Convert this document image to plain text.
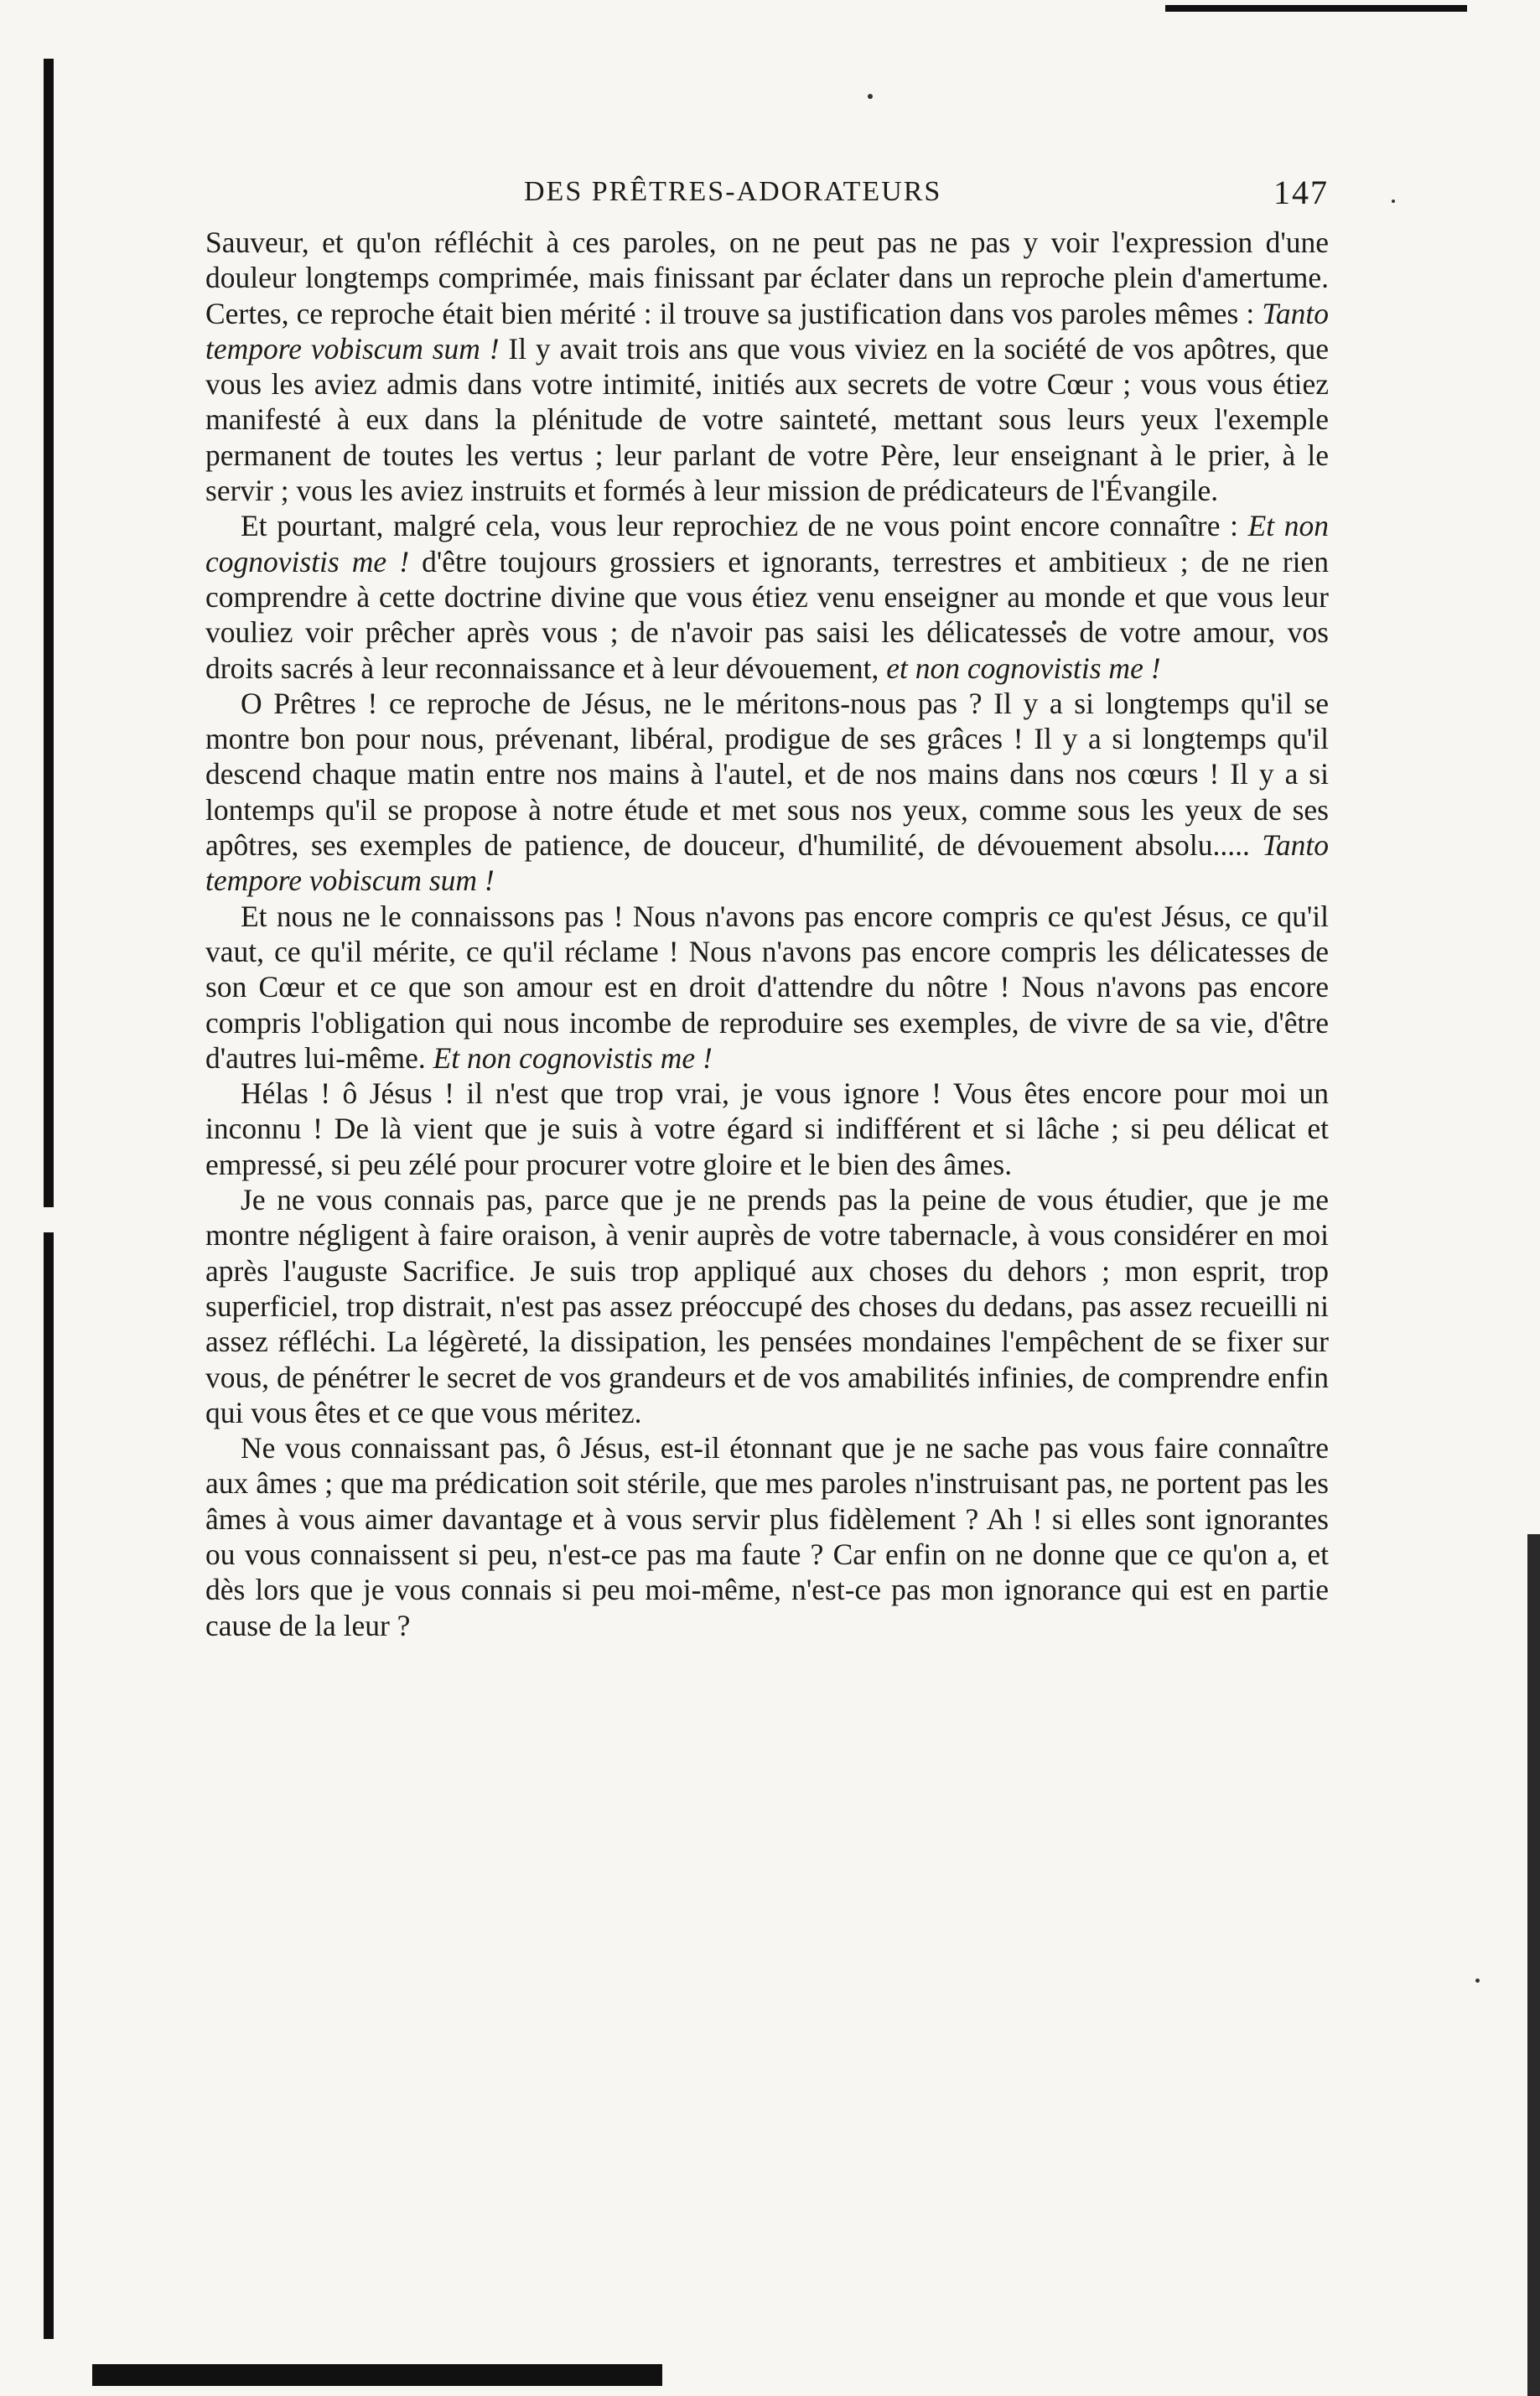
DES PRÊTRES-ADORATEURS	147

Sauveur, et qu'on réfléchit à ces paroles, on ne peut pas ne pas y voir l'expression d'une douleur longtemps comprimée, mais finissant par éclater dans un reproche plein d'amertume. Certes, ce reproche était bien mérité : il trouve sa justification dans vos paroles mêmes : Tanto tempore vobiscum sum ! Il y avait trois ans que vous viviez en la société de vos apôtres, que vous les aviez admis dans votre intimité, initiés aux secrets de votre Cœur ; vous vous étiez manifesté à eux dans la plénitude de votre sainteté, mettant sous leurs yeux l'exemple permanent de toutes les vertus ; leur parlant de votre Père, leur enseignant à le prier, à le servir ; vous les aviez instruits et formés à leur mission de prédicateurs de l'Évangile.

Et pourtant, malgré cela, vous leur reprochiez de ne vous point encore connaître : Et non cognovistis me ! d'être toujours grossiers et ignorants, terrestres et ambitieux ; de ne rien comprendre à cette doctrine divine que vous étiez venu enseigner au monde et que vous leur vouliez voir prêcher après vous ; de n'avoir pas saisi les délicatesses de votre amour, vos droits sacrés à leur reconnaissance et à leur dévouement, et non cognovistis me !

O Prêtres ! ce reproche de Jésus, ne le méritons-nous pas ? Il y a si longtemps qu'il se montre bon pour nous, prévenant, libéral, prodigue de ses grâces ! Il y a si longtemps qu'il descend chaque matin entre nos mains à l'autel, et de nos mains dans nos cœurs ! Il y a si lontemps qu'il se propose à notre étude et met sous nos yeux, comme sous les yeux de ses apôtres, ses exemples de patience, de douceur, d'humilité, de dévouement absolu..... Tanto tempore vobiscum sum !

Et nous ne le connaissons pas ! Nous n'avons pas encore compris ce qu'est Jésus, ce qu'il vaut, ce qu'il mérite, ce qu'il réclame ! Nous n'avons pas encore compris les délicatesses de son Cœur et ce que son amour est en droit d'attendre du nôtre ! Nous n'avons pas encore compris l'obligation qui nous incombe de reproduire ses exemples, de vivre de sa vie, d'être d'autres lui-même. Et non cognovistis me !

Hélas ! ô Jésus ! il n'est que trop vrai, je vous ignore ! Vous êtes encore pour moi un inconnu ! De là vient que je suis à votre égard si indifférent et si lâche ; si peu délicat et empressé, si peu zélé pour procurer votre gloire et le bien des âmes.

Je ne vous connais pas, parce que je ne prends pas la peine de vous étudier, que je me montre négligent à faire oraison, à venir auprès de votre tabernacle, à vous considérer en moi après l'auguste Sacrifice. Je suis trop appliqué aux choses du dehors ; mon esprit, trop superficiel, trop distrait, n'est pas assez préoccupé des choses du dedans, pas assez recueilli ni assez réfléchi. La légèreté, la dissipation, les pensées mondaines l'empêchent de se fixer sur vous, de pénétrer le secret de vos grandeurs et de vos amabilités infinies, de comprendre enfin qui vous êtes et ce que vous méritez.

Ne vous connaissant pas, ô Jésus, est-il étonnant que je ne sache pas vous faire connaître aux âmes ; que ma prédication soit stérile, que mes paroles n'instruisant pas, ne portent pas les âmes à vous aimer davantage et à vous servir plus fidèlement ? Ah ! si elles sont ignorantes ou vous connaissent si peu, n'est-ce pas ma faute ? Car enfin on ne donne que ce qu'on a, et dès lors que je vous connais si peu moi-même, n'est-ce pas mon ignorance qui est en partie cause de la leur ?
